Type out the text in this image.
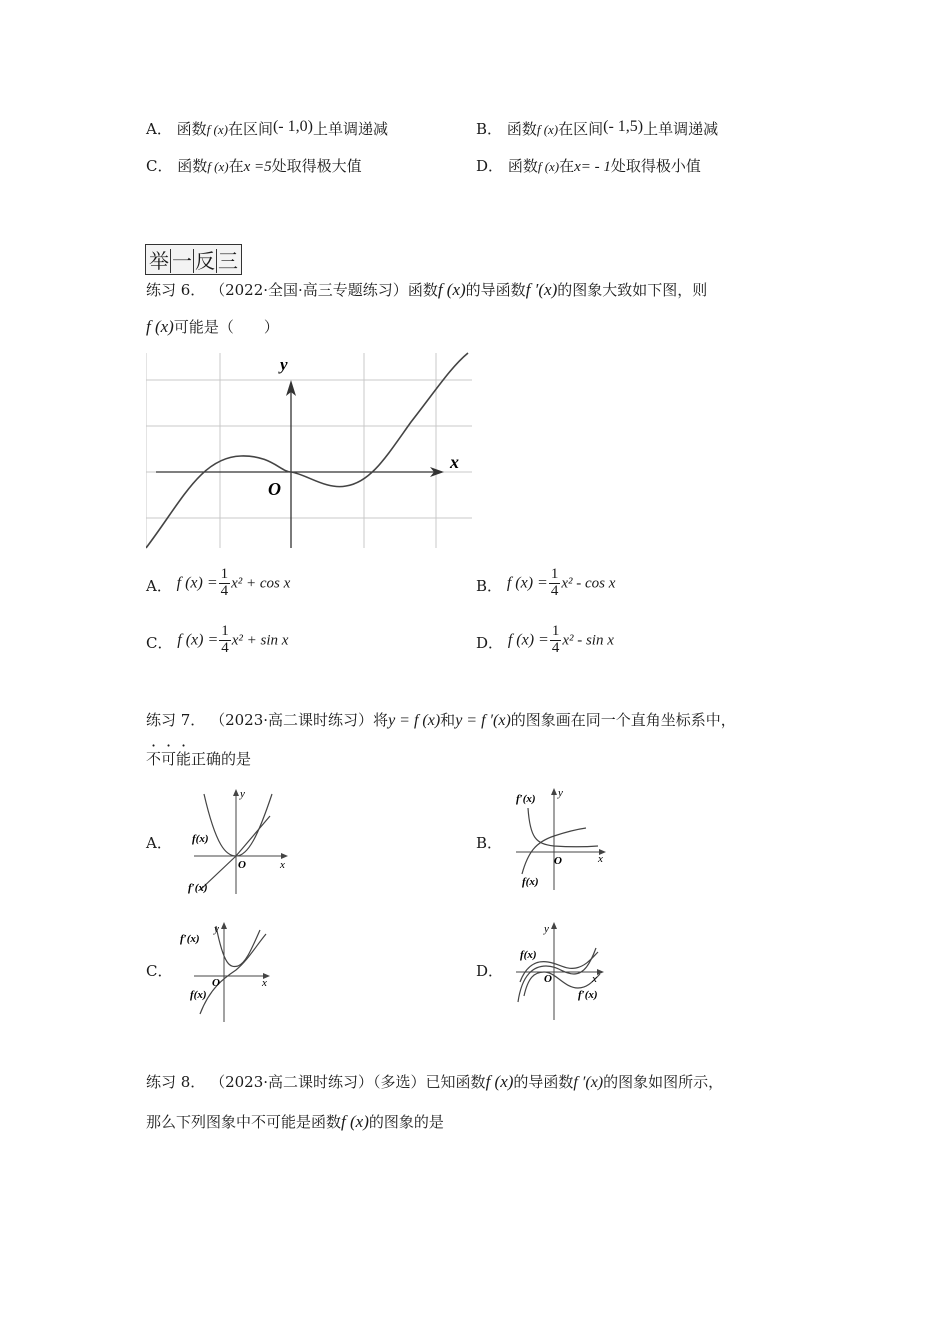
A． 函数f (x)在区间(- 1,0)上单调递减	B． 函数f (x)在区间(- 1,5)上单调递减
C． 函数f (x)在x =5处取得极大值	D． 函数f (x)在x= - 1处取得极小值
举 一 反 三
练习 6． （2022·全国·高三专题练习）函数f (x)的导函数f ′(x)的图象大致如下图，则
f (x)可能是（　　）
y
x
O
A． f $(x) = \frac{1}{4} x^2 + \cos x$	B． f $(x) = \frac{1}{4} x^2 - \cos x$
C． f $(x) = \frac{1}{4} x^2 + \sin x$	D． f $(x) = \frac{1}{4} x^2 - \sin x$
练习 7． （2023·高二课时练习）将y = f (x)和y = f ′(x)的图象画在同一个直角坐标系中，
不可能正确的是
A． f(x)
f′(x)
O	x
y
B．
f′(x)
f(x)
O	x
y
C．
f′(x)
f(x)
O	x
y
D．
f(x)
f′(x)
O	x
y
练习 8． （2023·高二课时练习）（多选）已知函数f (x)的导函数f ′(x)的图象如图所示，
那么下列图象中不可能是函数f (x)的图象的是
